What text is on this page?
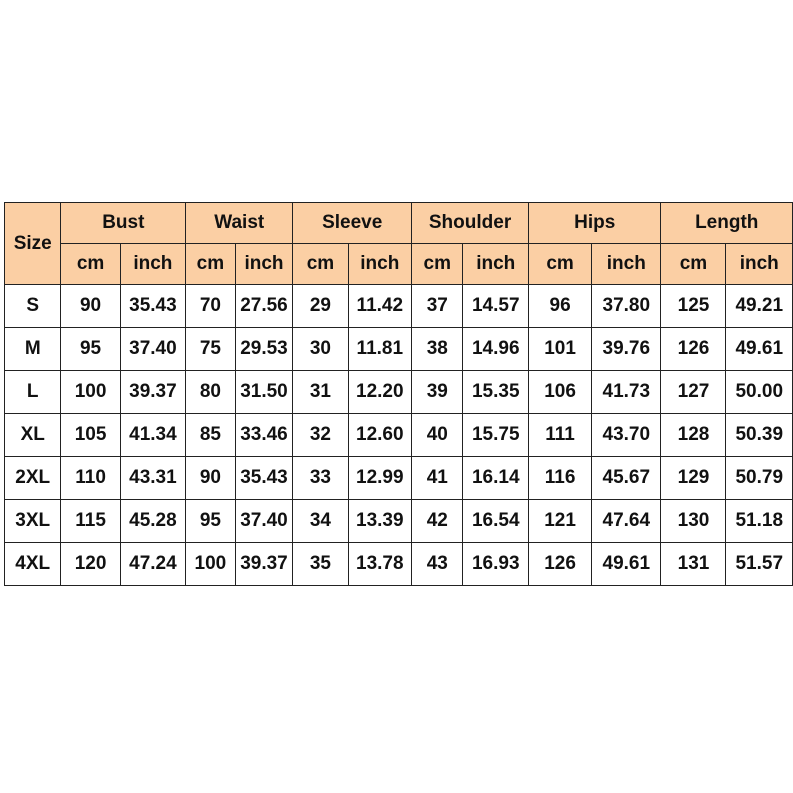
Size	Bust		Waist		Sleeve		Shoulder		Hips		Length	
	cm	inch	cm	inch	cm	inch	cm	inch	cm	inch	cm	inch
S	90	35.43	70	27.56	29	11.42	37	14.57	96	37.80	125	49.21
M	95	37.40	75	29.53	30	11.81	38	14.96	101	39.76	126	49.61
L	100	39.37	80	31.50	31	12.20	39	15.35	106	41.73	127	50.00
XL	105	41.34	85	33.46	32	12.60	40	15.75	111	43.70	128	50.39
2XL	110	43.31	90	35.43	33	12.99	41	16.14	116	45.67	129	50.79
3XL	115	45.28	95	37.40	34	13.39	42	16.54	121	47.64	130	51.18
4XL	120	47.24	100	39.37	35	13.78	43	16.93	126	49.61	131	51.57
